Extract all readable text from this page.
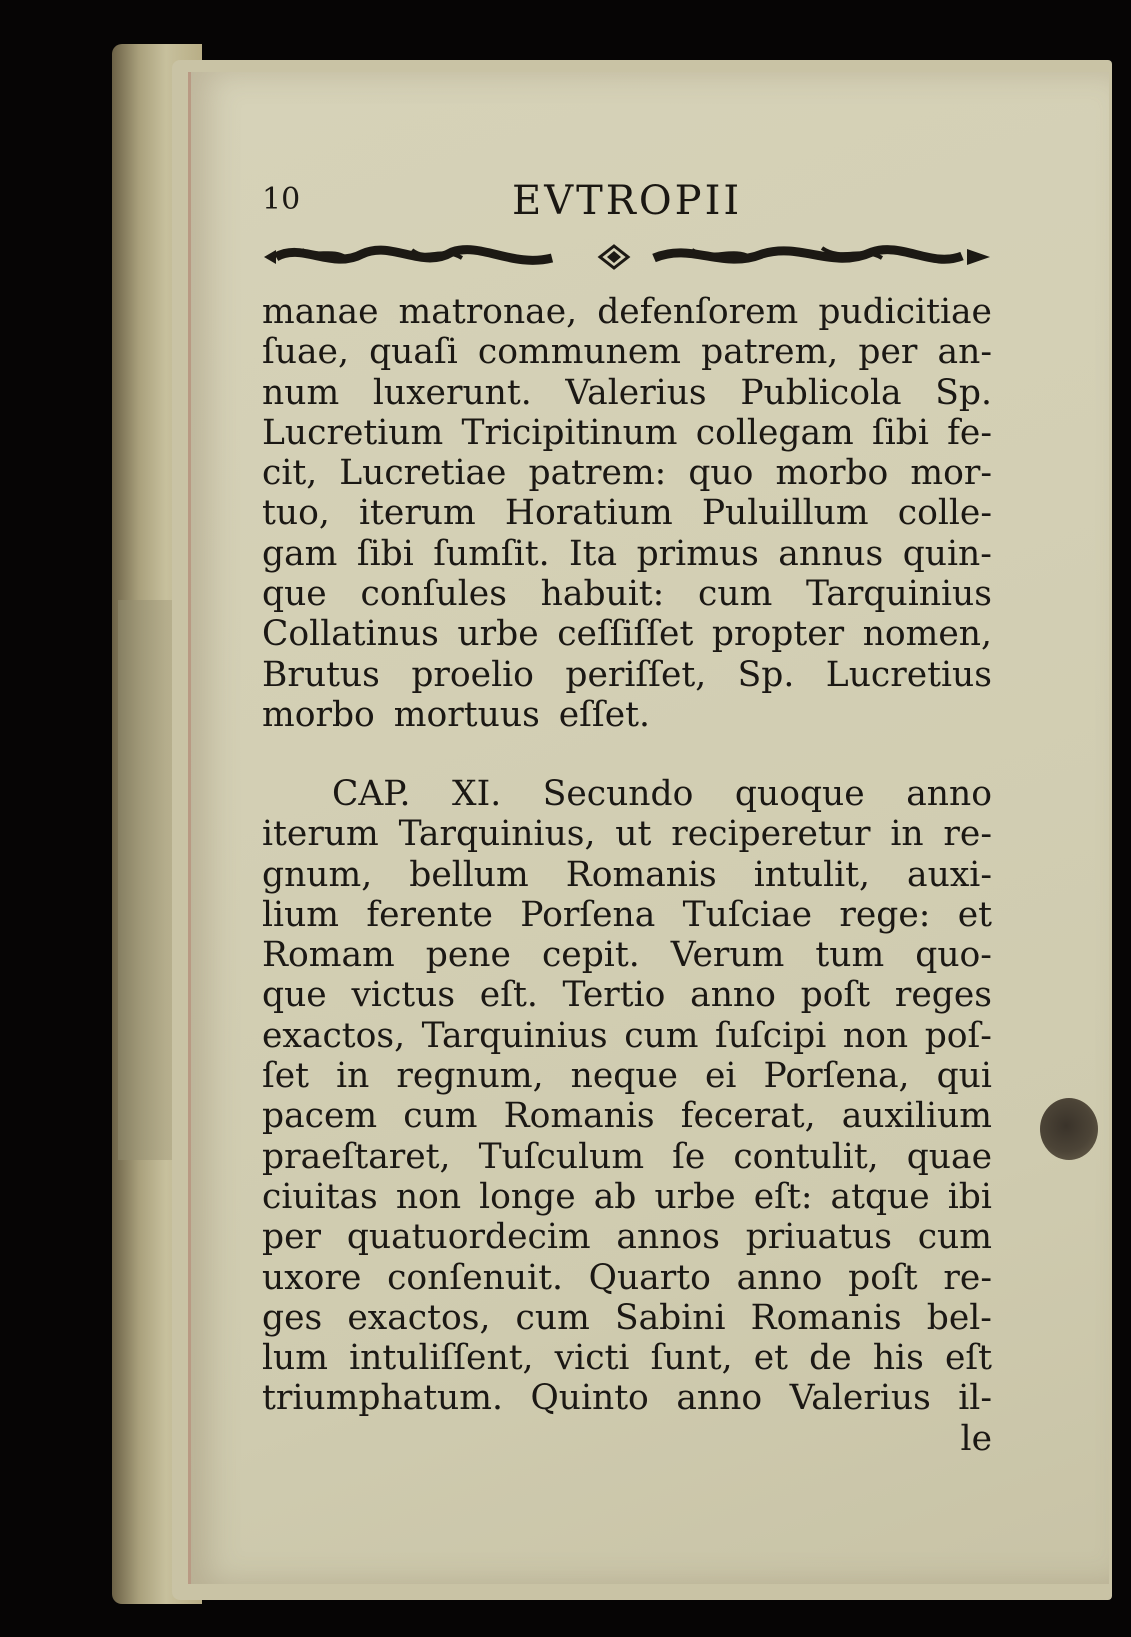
10	EVTROPII
manae matronae, defenſorem pudicitiae
ſuae, quaſi communem patrem, per an-
num luxerunt. Valerius Publicola Sp.
Lucretium Tricipitinum collegam ſibi fe-
cit, Lucretiae patrem: quo morbo mor-
tuo, iterum Horatium Puluillum colle-
gam ſibi ſumſit. Ita primus annus quin-
que conſules habuit: cum Tarquinius
Collatinus urbe ceſſiſſet propter nomen,
Brutus proelio periſſet, Sp. Lucretius
morbo mortuus eſſet.
CAP. XI. Secundo quoque anno
iterum Tarquinius, ut reciperetur in re-
gnum, bellum Romanis intulit, auxi-
lium ferente Porſena Tuſciae rege: et
Romam pene cepit. Verum tum quo-
que victus eſt. Tertio anno poſt reges
exactos, Tarquinius cum ſuſcipi non poſ-
ſet in regnum, neque ei Porſena, qui
pacem cum Romanis fecerat, auxilium
praeſtaret, Tuſculum ſe contulit, quae
ciuitas non longe ab urbe eſt: atque ibi
per quatuordecim annos priuatus cum
uxore conſenuit. Quarto anno poſt re-
ges exactos, cum Sabini Romanis bel-
lum intuliſſent, victi ſunt, et de his eſt
triumphatum. Quinto anno Valerius il-
le
